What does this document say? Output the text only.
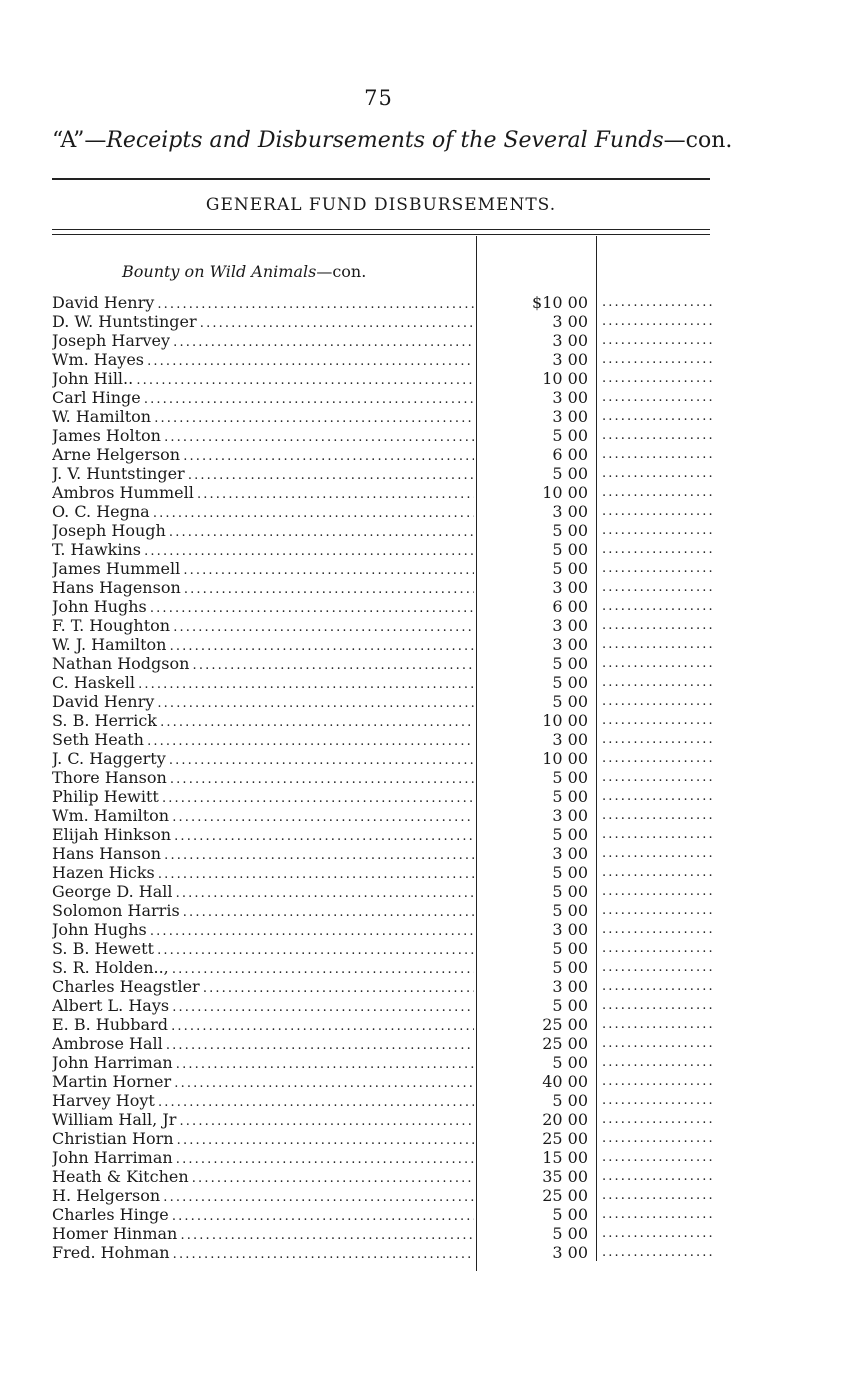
75
“A”—Receipts and Disbursements of the Several Funds—con.
GENERAL FUND DISBURSEMENTS.
Bounty on Wild Animals—con.
David Henry . . .	$10 00
. . .
D. W. Huntstinger . . .	3 00
. . .
Joseph Harvey . . .	3 00
. . .
Wm. Hayes . . .	3 00
. . .
John Hill.. . . .	10 00
. . .
Carl Hinge . . .	3 00
. . .
W. Hamilton . . .	3 00
. . .
James Holton . . .	5 00
. . .
Arne Helgerson . . .	6 00
. . .
J. V. Huntstinger . . .	5 00
. . .
Ambros Hummell . . .	10 00
. . .
O. C. Hegna . . .	3 00
. . .
Joseph Hough . . .	5 00
. . .
T. Hawkins . . .	5 00
. . .
James Hummell . . .	5 00
. . .
Hans Hagenson . . .	3 00
. . .
John Hughs . . .	6 00
. . .
F. T. Houghton . . .	3 00
. . .
W. J. Hamilton . . .	3 00
. . .
Nathan Hodgson . . .	5 00
. . .
C. Haskell . . .	5 00
. . .
David Henry . . .	5 00
. . .
S. B. Herrick . . .	10 00
. . .
Seth Heath . . .	3 00
. . .
J. C. Haggerty . . .	10 00
. . .
Thore Hanson . . .	5 00
. . .
Philip Hewitt . . .	5 00
. . .
Wm. Hamilton . . .	3 00
. . .
Elijah Hinkson . . .	5 00
. . .
Hans Hanson . . .	3 00
. . .
Hazen Hicks . . .	5 00
. . .
George D. Hall . . .	5 00
. . .
Solomon Harris . . .	5 00
. . .
John Hughs . . .	3 00
. . .
S. B. Hewett . . .	5 00
. . .
S. R. Holden.., . . .	5 00
. . .
Charles Heagstler . . .	3 00
. . .
Albert L. Hays . . .	5 00
. . .
E. B. Hubbard . . .	25 00
. . .
Ambrose Hall . . .	25 00
. . .
John Harriman . . .	5 00
. . .
Martin Horner . . .	40 00
. . .
Harvey Hoyt . . .	5 00
. . .
William Hall, Jr . . .	20 00
. . .
Christian Horn . . .	25 00
. . .
John Harriman . . .	15 00
. . .
Heath & Kitchen . . .	35 00
. . .
H. Helgerson . . .	25 00
. . .
Charles Hinge . . .	5 00
. . .
Homer Hinman . . .	5 00
. . .
Fred. Hohman . . .	3 00
. . .
